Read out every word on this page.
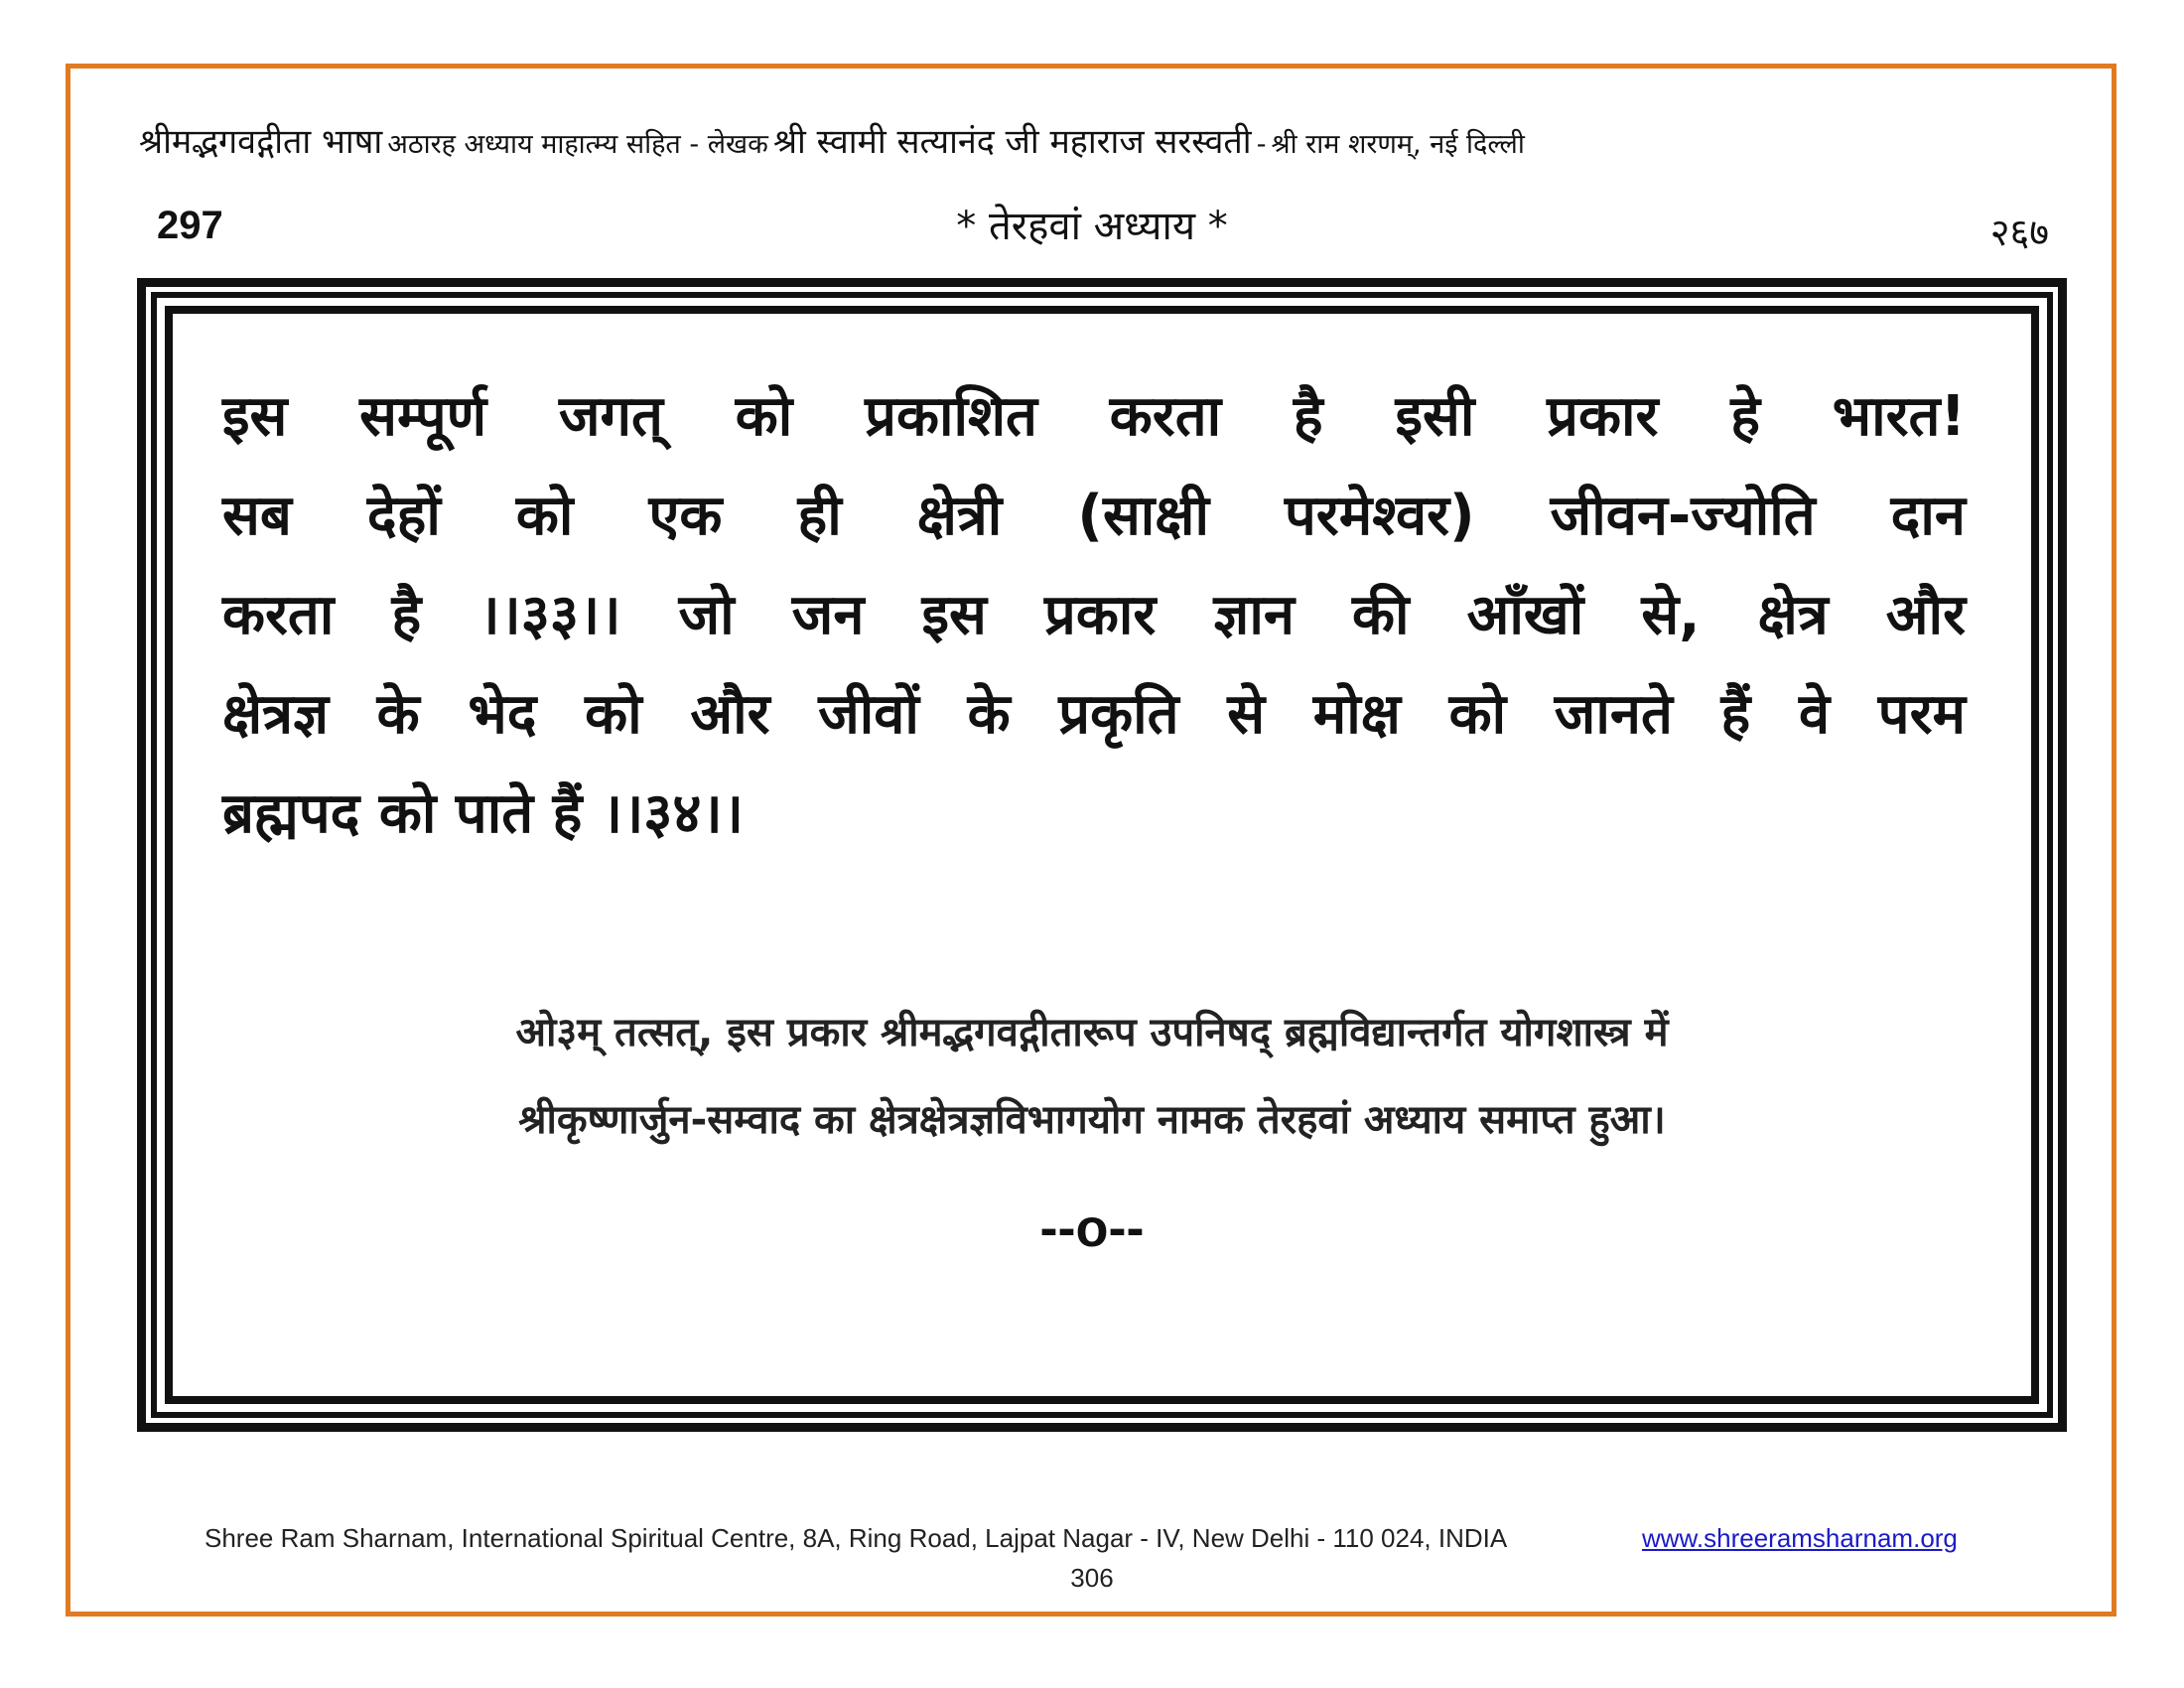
श्रीमद्भगवद्गीता भाषा अठारह अध्याय माहात्म्य सहित - लेखक श्री स्वामी सत्यानंद जी महाराज सरस्वती - श्री राम शरणम्, नई दिल्ली
297	* तेरहवां अध्याय *	२६७
इस सम्पूर्ण जगत् को प्रकाशित करता है इसी प्रकार हे भारत!
सब देहों को एक ही क्षेत्री (साक्षी परमेश्वर) जीवन-ज्योति दान
करता है ।।३३।। जो जन इस प्रकार ज्ञान की आँखों से, क्षेत्र और
क्षेत्रज्ञ के भेद को और जीवों के प्रकृति से मोक्ष को जानते हैं वे परम
ब्रह्मपद को पाते हैं ।।३४।।
ओ३म् तत्सत्, इस प्रकार श्रीमद्भगवद्गीतारूप उपनिषद् ब्रह्मविद्यान्तर्गत योगशास्त्र में
श्रीकृष्णार्जुन-सम्वाद का क्षेत्रक्षेत्रज्ञविभागयोग नामक तेरहवां अध्याय समाप्त हुआ।
--o--
Shree Ram Sharnam, International Spiritual Centre, 8A, Ring Road, Lajpat Nagar - IV, New Delhi - 110 024, INDIA	www.shreeramsharnam.org
306
